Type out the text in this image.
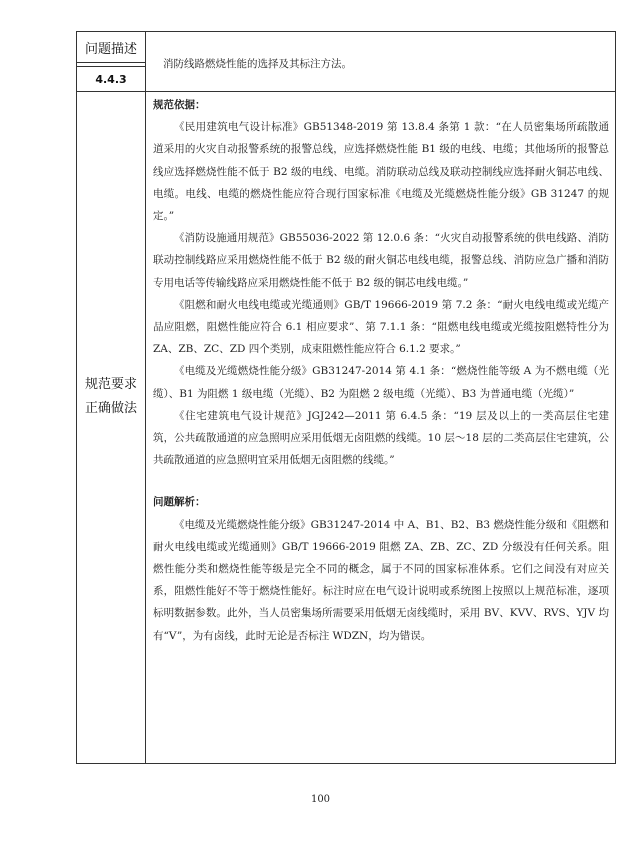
问题描述
4.4.3
消防线路燃烧性能的选择及其标注方法。
规范要求
正确做法

规范依据：

《民用建筑电气设计标准》GB51348-2019 第 13.8.4 条第 1 款：“在人员密集场所疏散通道采用的火灾自动报警系统的报警总线，应选择燃烧性能 B1 级的电线、电缆；其他场所的报警总线应选择燃烧性能不低于 B2 级的电线、电缆。消防联动总线及联动控制线应选择耐火铜芯电线、电缆。电线、电缆的燃烧性能应符合现行国家标准《电缆及光缆燃烧性能分级》GB 31247 的规定。”

《消防设施通用规范》GB55036-2022 第 12.0.6 条：“火灾自动报警系统的供电线路、消防联动控制线路应采用燃烧性能不低于 B2 级的耐火铜芯电线电缆，报警总线、消防应急广播和消防专用电话等传输线路应采用燃烧性能不低于 B2 级的铜芯电线电缆。”

《阻燃和耐火电线电缆或光缆通则》GB/T 19666-2019 第 7.2 条：“耐火电线电缆或光缆产品应阻燃，阻燃性能应符合 6.1 相应要求”、第 7.1.1 条：“阻燃电线电缆或光缆按阻燃特性分为 ZA、ZB、ZC、ZD 四个类别，成束阻燃性能应符合 6.1.2 要求。”

《电缆及光缆燃烧性能分级》GB31247-2014 第 4.1 条：“燃烧性能等级 A 为不燃电缆（光缆）、B1 为阻燃 1 级电缆（光缆）、B2 为阻燃 2 级电缆（光缆）、B3 为普通电缆（光缆）”

《住宅建筑电气设计规范》JGJ242—2011 第 6.4.5 条：“19 层及以上的一类高层住宅建筑，公共疏散通道的应急照明应采用低烟无卤阻燃的线缆。10 层～18 层的二类高层住宅建筑，公共疏散通道的应急照明宜采用低烟无卤阻燃的线缆。”

问题解析：

《电缆及光缆燃烧性能分级》GB31247-2014 中 A、B1、B2、B3 燃烧性能分级和《阻燃和耐火电线电缆或光缆通则》GB/T 19666-2019 阻燃 ZA、ZB、ZC、ZD 分级没有任何关系。阻燃性能分类和燃烧性能等级是完全不同的概念，属于不同的国家标准体系。它们之间没有对应关系，阻燃性能好不等于燃烧性能好。标注时应在电气设计说明或系统图上按照以上规范标准，逐项标明数据参数。此外，当人员密集场所需要采用低烟无卤线缆时，采用 BV、KVV、RVS、YJV 均有“V”，为有卤线，此时无论是否标注 WDZN，均为错误。

100
